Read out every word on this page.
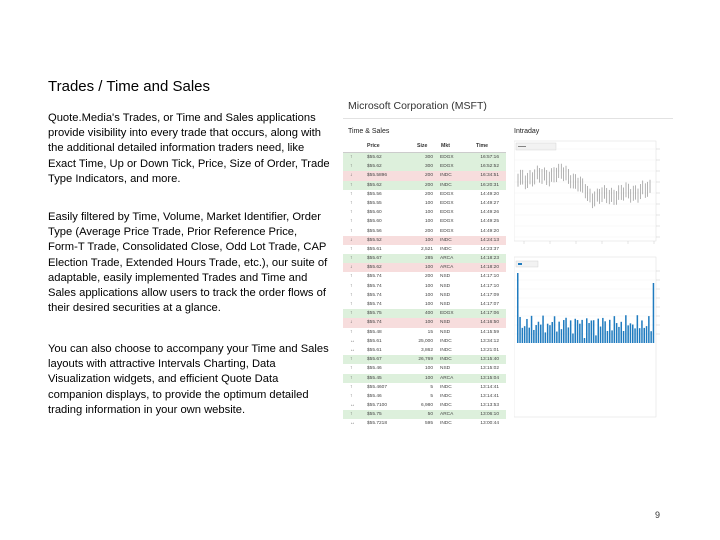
Trades / Time and Sales
Quote.Media's Trades, or Time and Sales applications provide visibility into every trade that occurs, along with the additional detailed information traders need, like Exact Time, Up or Down Tick, Price, Size of Order, Trade Type Indicators, and more.
Easily filtered by Time, Volume, Market Identifier, Order Type (Average Price Trade, Prior Reference Price, Form-T Trade, Consolidated Close, Odd Lot Trade, CAP Election Trade, Extended Hours Trade, etc.), our suite of adaptable, easily implemented Trades and Time and Sales applications allow users to track the order flows of their desired securities at a glance.
You can also choose to accompany your Time and Sales layouts with attractive Intervals Charting, Data Visualization widgets, and efficient Quote Data companion displays, to provide the optimum detailed trading information in your own website.
9
Microsoft Corporation (MSFT)
Time & Sales	Intraday
Price	Size	Mkt	Time
↑	$55.62	300 EDGX	16:57:16
↑	$55.62	300 EDGX	16:52:52
↓	$55.5896	200 INDC	16:34:51
↑	$55.62	200 INDC	16:20:31
↑	$55.56	200 EDGX	14:49:20
↑	$55.55	100 EDGX	14:49:27
↑	$55.60	100 EDGX	14:49:26
↑	$55.60	100 EDGX	14:49:25
↑	$55.56	200 EDGX	14:49:20
↓	$55.52	100 INDC	14:24:13
↑	$55.61	2,521 INDC	14:23:37
↑	$55.67	285 ARCA	14:18:23
↓	$55.62	100 ARCA	14:18:20
↑	$55.74	200 NSD	14:17:10
↑	$55.74	100 NSD	14:17:10
↑	$55.74	100 NSD	14:17:09
↑	$55.74	100 NSD	14:17:07
↑	$55.75	400 EDGX	14:17:06
↓	$55.74	100 NSD	14:16:50
↑	$55.48	15 NSD	14:15:59
↔	$55.61	25,000 INDC	13:34:12
↔	$55.61	3,862 INDC	13:21:01
↑	$55.67	26,769 INDC	13:15:40
↑	$55.46	100 NSD	13:15:02
↑	$55.45	100 ARCA	13:15:04
↑	$55.4607	5 INDC	13:14:41
↑	$55.46	5 INDC	13:14:41
↔	$55.7100	6,980 INDC	13:13:53
↑	$55.75	50 ARCA	13:06:10
↔	$55.7218	595 INDC	13:00:44
